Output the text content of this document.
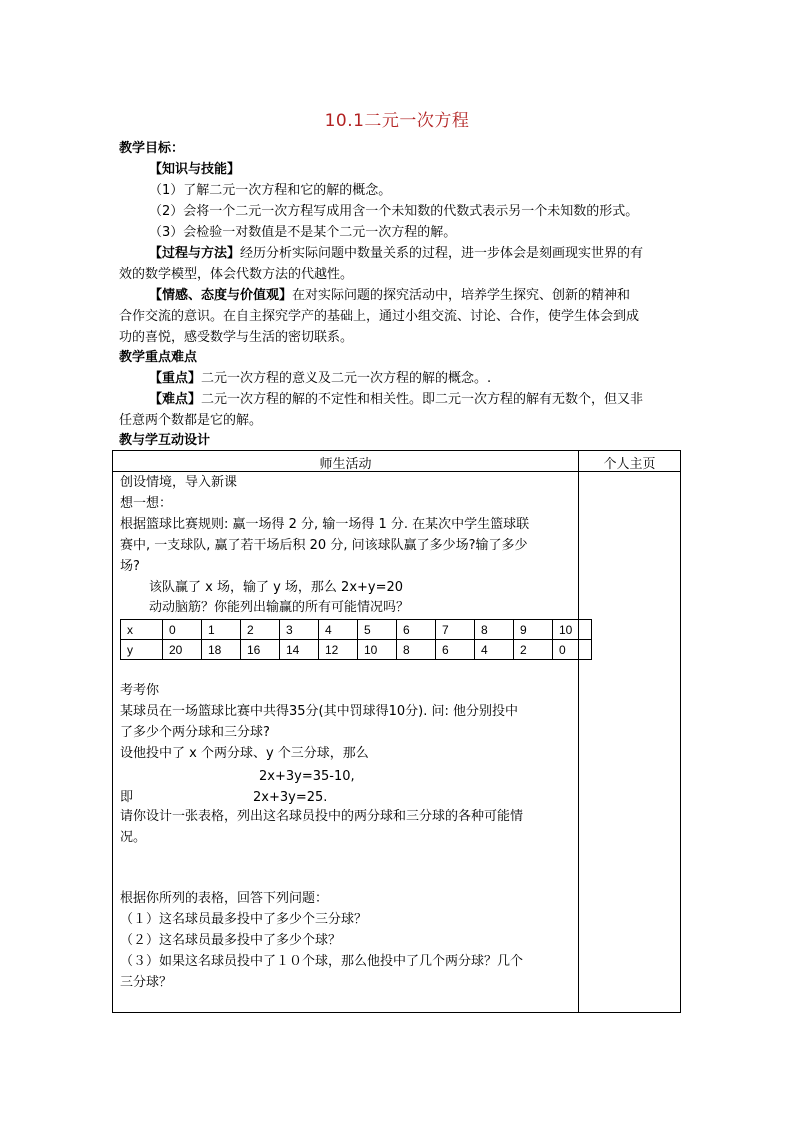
10.1二元一次方程
教学目标：
【知识与技能】
（1）了解二元一次方程和它的解的概念。
（2）会将一个二元一次方程写成用含一个未知数的代数式表示另一个未知数的形式。
（3）会检验一对数值是不是某个二元一次方程的解。
【过程与方法】经历分析实际问题中数量关系的过程，进一步体会是刻画现实世界的有
效的数学模型，体会代数方法的代越性。
【情感、态度与价值观】在对实际问题的探究活动中，培养学生探究、创新的精神和
合作交流的意识。在自主探究学产的基础上，通过小组交流、讨论、合作，使学生体会到成
功的喜悦，感受数学与生活的密切联系。
教学重点难点
【重点】二元一次方程的意义及二元一次方程的解的概念。.
【难点】二元一次方程的解的不定性和相关性。即二元一次方程的解有无数个，但又非
任意两个数都是它的解。
教与学互动设计
师生活动	个人主页
创设情境，导入新课
想一想：
根据篮球比赛规则: 赢一场得 2 分, 输一场得 1 分. 在某次中学生篮球联
赛中, 一支球队, 赢了若干场后积 20 分, 问该球队赢了多少场?输了多少
场?
该队赢了 x 场，输了 y 场，那么 2x+y=20
动动脑筋？你能列出输赢的所有可能情况吗？
x	0	1	2	3	4	5	6	7	8	9	10
y	20	18	16	14	12	10	8	6	4	2	0
考考你
某球员在一场篮球比赛中共得35分(其中罚球得10分). 问: 他分别投中
了多少个两分球和三分球?
设他投中了 x 个两分球、y 个三分球，那么
2x+3y=35-10,
即	2x+3y=25.
请你设计一张表格，列出这名球员投中的两分球和三分球的各种可能情
况。
根据你所列的表格，回答下列问题：
（１）这名球员最多投中了多少个三分球？
（２）这名球员最多投中了多少个球？
（３）如果这名球员投中了１０个球，那么他投中了几个两分球？几个
三分球？
